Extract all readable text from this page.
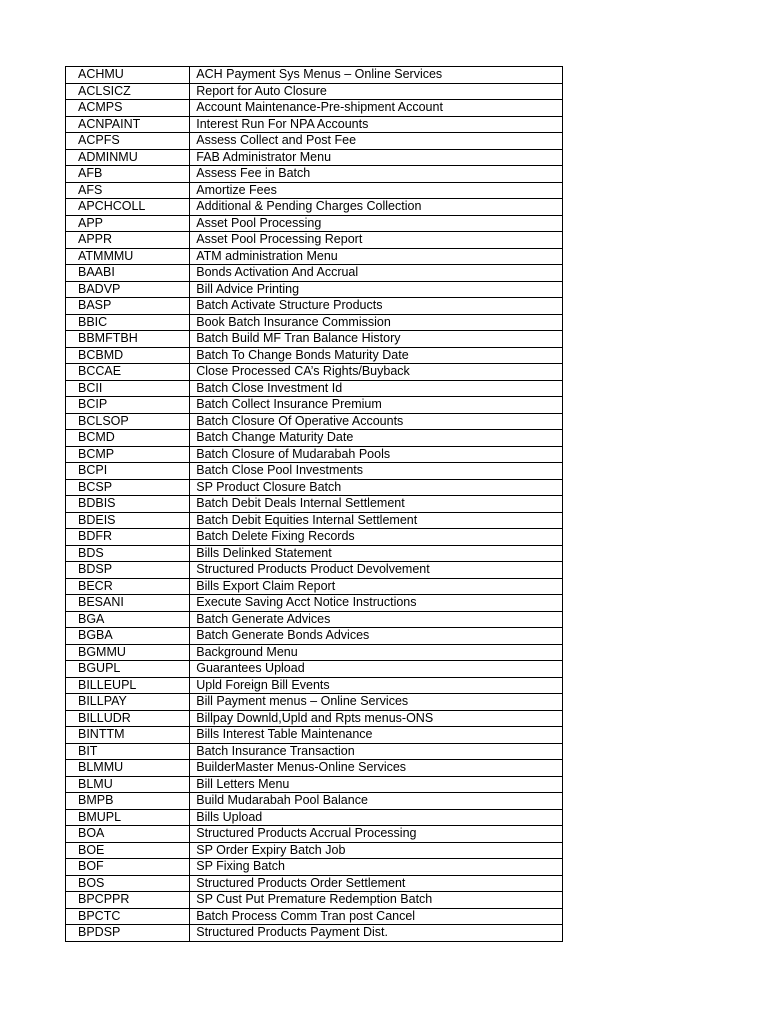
ACHMU	ACH Payment Sys Menus – Online Services
ACLSICZ	Report for Auto Closure
ACMPS	Account Maintenance-Pre-shipment Account
ACNPAINT	Interest Run For NPA Accounts
ACPFS	Assess Collect and Post Fee
ADMINMU	FAB Administrator Menu
AFB	Assess Fee in Batch
AFS	Amortize Fees
APCHCOLL	Additional & Pending Charges Collection
APP	Asset Pool Processing
APPR	Asset Pool Processing Report
ATMMMU	ATM administration Menu
BAABI	Bonds Activation And Accrual
BADVP	Bill Advice Printing
BASP	Batch Activate Structure Products
BBIC	Book Batch Insurance Commission
BBMFTBH	Batch Build MF Tran Balance History
BCBMD	Batch To Change Bonds Maturity Date
BCCAE	Close Processed CA’s Rights/Buyback
BCII	Batch Close Investment Id
BCIP	Batch Collect Insurance Premium
BCLSOP	Batch Closure Of Operative Accounts
BCMD	Batch Change Maturity Date
BCMP	Batch Closure of Mudarabah Pools
BCPI	Batch Close Pool Investments
BCSP	SP Product Closure Batch
BDBIS	Batch Debit Deals Internal Settlement
BDEIS	Batch Debit Equities Internal Settlement
BDFR	Batch Delete Fixing Records
BDS	Bills Delinked Statement
BDSP	Structured Products Product Devolvement
BECR	Bills Export Claim Report
BESANI	Execute Saving Acct Notice Instructions
BGA	Batch Generate Advices
BGBA	Batch Generate Bonds Advices
BGMMU	Background Menu
BGUPL	Guarantees Upload
BILLEUPL	Upld Foreign Bill Events
BILLPAY	Bill Payment menus – Online Services
BILLUDR	Billpay Downld,Upld and Rpts menus-ONS
BINTTM	Bills Interest Table Maintenance
BIT	Batch Insurance Transaction
BLMMU	BuilderMaster Menus-Online Services
BLMU	Bill Letters Menu
BMPB	Build Mudarabah Pool Balance
BMUPL	Bills Upload
BOA	Structured Products Accrual Processing
BOE	SP Order Expiry Batch Job
BOF	SP Fixing Batch
BOS	Structured Products Order Settlement
BPCPPR	SP Cust Put Premature Redemption Batch
BPCTC	Batch Process Comm Tran post Cancel
BPDSP	Structured Products Payment Dist.
